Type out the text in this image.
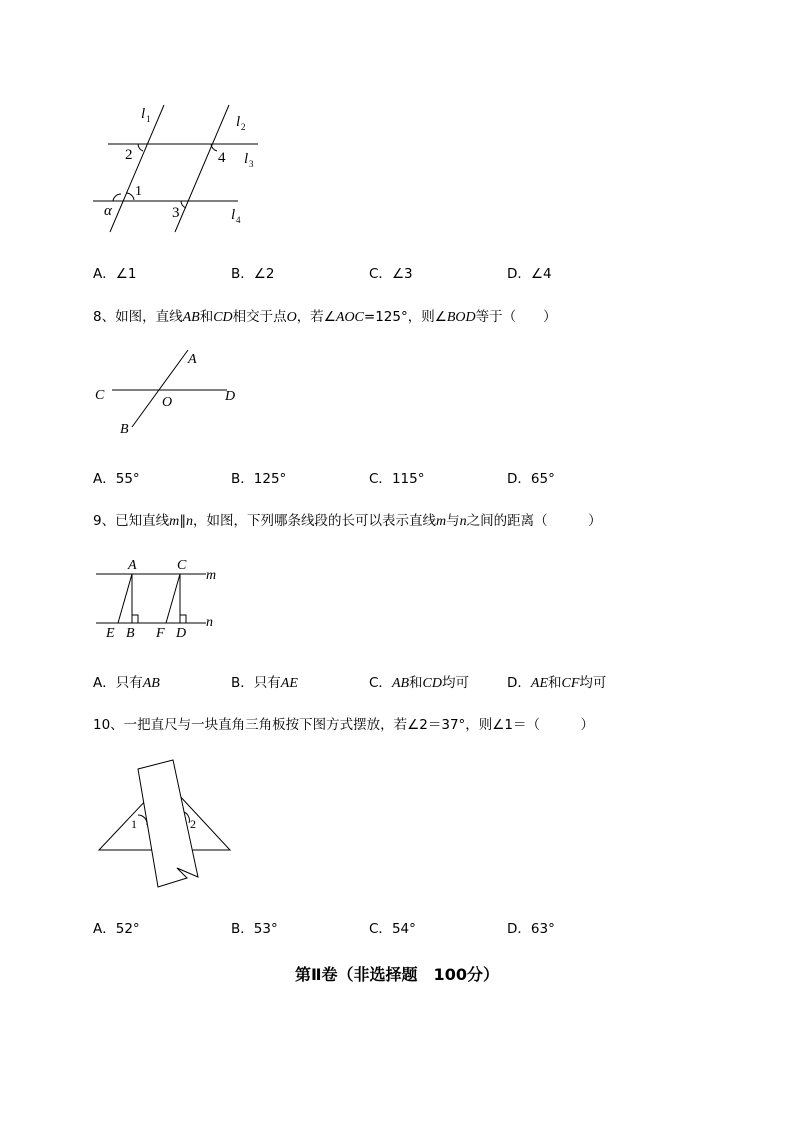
l 1	l 2
l 3
l 4
2	4
1
α	3
A．∠1	B．∠2	C．∠3	D．∠4
8、如图，直线AB和CD相交于点O，若∠AOC=125°，则∠BOD等于（　　）
A
C	D
O
B
A．55°	B．125°	C．115°	D．65°
9、已知直线m∥n，如图，下列哪条线段的长可以表示直线m与n之间的距离（　　　）
A	C
m
n
E B F D
A．只有AB	B．只有AE	C．AB和CD均可	D．AE和CF均可
10、一把直尺与一块直角三角板按下图方式摆放，若∠2＝37°，则∠1＝（　　　）
1	2
A．52°	B．53°	C．54°	D．63°
第Ⅱ卷（非选择题　100分）
